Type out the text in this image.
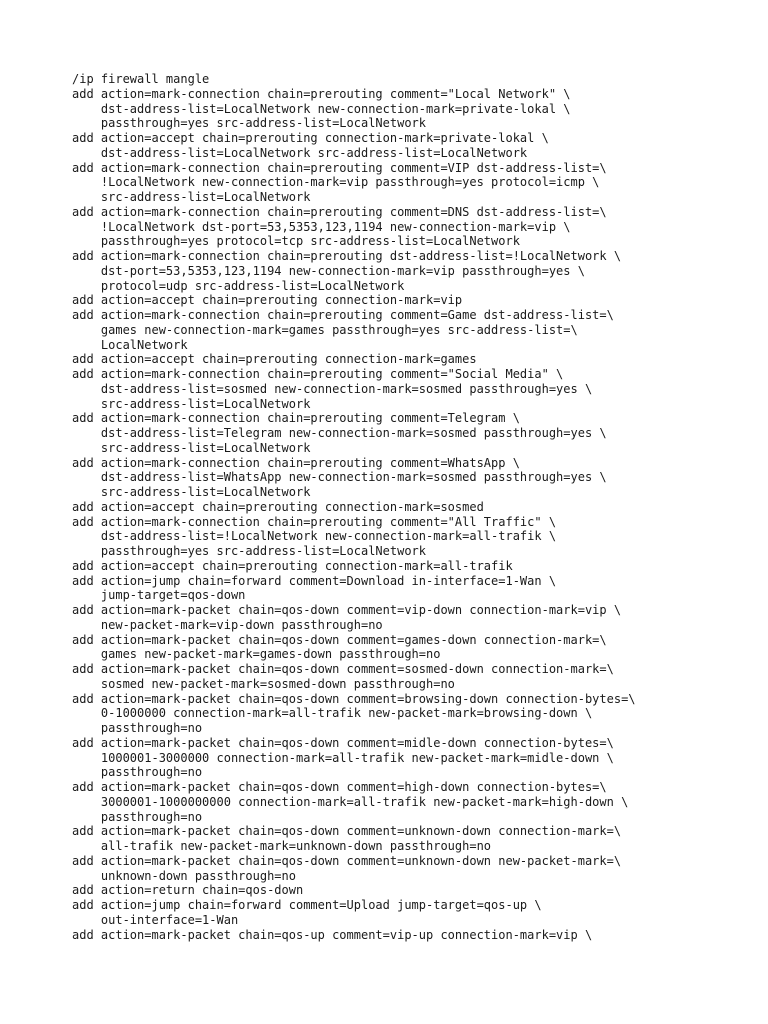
/ip firewall mangle
add action=mark-connection chain=prerouting comment="Local Network" \
dst-address-list=LocalNetwork new-connection-mark=private-lokal \
passthrough=yes src-address-list=LocalNetwork
add action=accept chain=prerouting connection-mark=private-lokal \
dst-address-list=LocalNetwork src-address-list=LocalNetwork
add action=mark-connection chain=prerouting comment=VIP dst-address-list=\
!LocalNetwork new-connection-mark=vip passthrough=yes protocol=icmp \
src-address-list=LocalNetwork
add action=mark-connection chain=prerouting comment=DNS dst-address-list=\
!LocalNetwork dst-port=53,5353,123,1194 new-connection-mark=vip \
passthrough=yes protocol=tcp src-address-list=LocalNetwork
add action=mark-connection chain=prerouting dst-address-list=!LocalNetwork \
dst-port=53,5353,123,1194 new-connection-mark=vip passthrough=yes \
protocol=udp src-address-list=LocalNetwork
add action=accept chain=prerouting connection-mark=vip
add action=mark-connection chain=prerouting comment=Game dst-address-list=\
games new-connection-mark=games passthrough=yes src-address-list=\
LocalNetwork
add action=accept chain=prerouting connection-mark=games
add action=mark-connection chain=prerouting comment="Social Media" \
dst-address-list=sosmed new-connection-mark=sosmed passthrough=yes \
src-address-list=LocalNetwork
add action=mark-connection chain=prerouting comment=Telegram \
dst-address-list=Telegram new-connection-mark=sosmed passthrough=yes \
src-address-list=LocalNetwork
add action=mark-connection chain=prerouting comment=WhatsApp \
dst-address-list=WhatsApp new-connection-mark=sosmed passthrough=yes \
src-address-list=LocalNetwork
add action=accept chain=prerouting connection-mark=sosmed
add action=mark-connection chain=prerouting comment="All Traffic" \
dst-address-list=!LocalNetwork new-connection-mark=all-trafik \
passthrough=yes src-address-list=LocalNetwork
add action=accept chain=prerouting connection-mark=all-trafik
add action=jump chain=forward comment=Download in-interface=1-Wan \
jump-target=qos-down
add action=mark-packet chain=qos-down comment=vip-down connection-mark=vip \
new-packet-mark=vip-down passthrough=no
add action=mark-packet chain=qos-down comment=games-down connection-mark=\
games new-packet-mark=games-down passthrough=no
add action=mark-packet chain=qos-down comment=sosmed-down connection-mark=\
sosmed new-packet-mark=sosmed-down passthrough=no
add action=mark-packet chain=qos-down comment=browsing-down connection-bytes=\
0-1000000 connection-mark=all-trafik new-packet-mark=browsing-down \
passthrough=no
add action=mark-packet chain=qos-down comment=midle-down connection-bytes=\
1000001-3000000 connection-mark=all-trafik new-packet-mark=midle-down \
passthrough=no
add action=mark-packet chain=qos-down comment=high-down connection-bytes=\
3000001-1000000000 connection-mark=all-trafik new-packet-mark=high-down \
passthrough=no
add action=mark-packet chain=qos-down comment=unknown-down connection-mark=\
all-trafik new-packet-mark=unknown-down passthrough=no
add action=mark-packet chain=qos-down comment=unknown-down new-packet-mark=\
unknown-down passthrough=no
add action=return chain=qos-down
add action=jump chain=forward comment=Upload jump-target=qos-up \
out-interface=1-Wan
add action=mark-packet chain=qos-up comment=vip-up connection-mark=vip \
